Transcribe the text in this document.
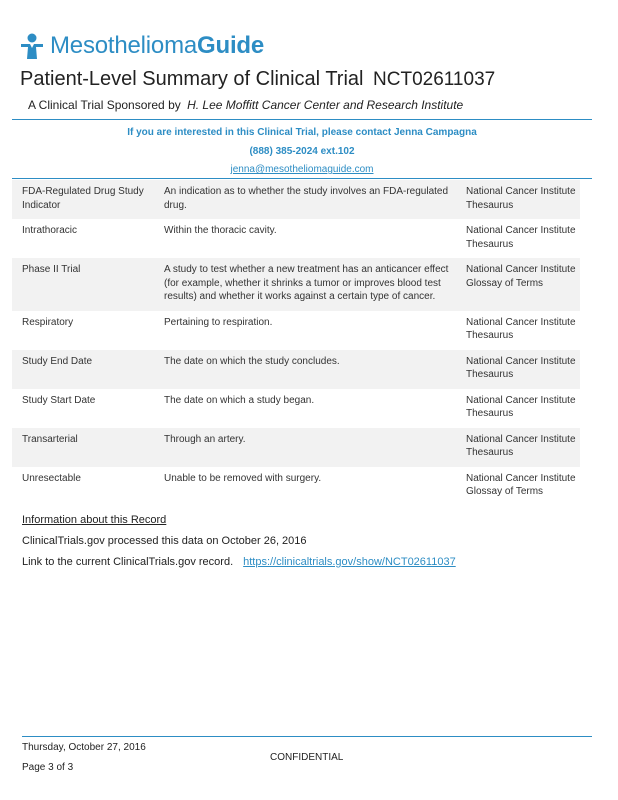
MesotheliomaGuide
Patient-Level Summary of Clinical Trial NCT02611037
A Clinical Trial Sponsored by H. Lee Moffitt Cancer Center and Research Institute
If you are interested in this Clinical Trial, please contact Jenna Campagna
(888) 385-2024 ext.102
jenna@mesotheliomaguide.com
FDA-Regulated Drug Study Indicator	An indication as to whether the study involves an FDA-regulated drug.	National Cancer Institute Thesaurus
Intrathoracic	Within the thoracic cavity.	National Cancer Institute Thesaurus
Phase II Trial	A study to test whether a new treatment has an anticancer effect (for example, whether it shrinks a tumor or improves blood test results) and whether it works against a certain type of cancer.	National Cancer Institute Glossay of Terms
Respiratory	Pertaining to respiration.	National Cancer Institute Thesaurus
Study End Date	The date on which the study concludes.	National Cancer Institute Thesaurus
Study Start Date	The date on which a study began.	National Cancer Institute Thesaurus
Transarterial	Through an artery.	National Cancer Institute Thesaurus
Unresectable	Unable to be removed with surgery.	National Cancer Institute Glossay of Terms
Information about this Record
ClinicalTrials.gov processed this data on October 26, 2016
Link to the current ClinicalTrials.gov record. https://clinicaltrials.gov/show/NCT02611037
Thursday, October 27, 2016
CONFIDENTIAL
Page 3 of 3
